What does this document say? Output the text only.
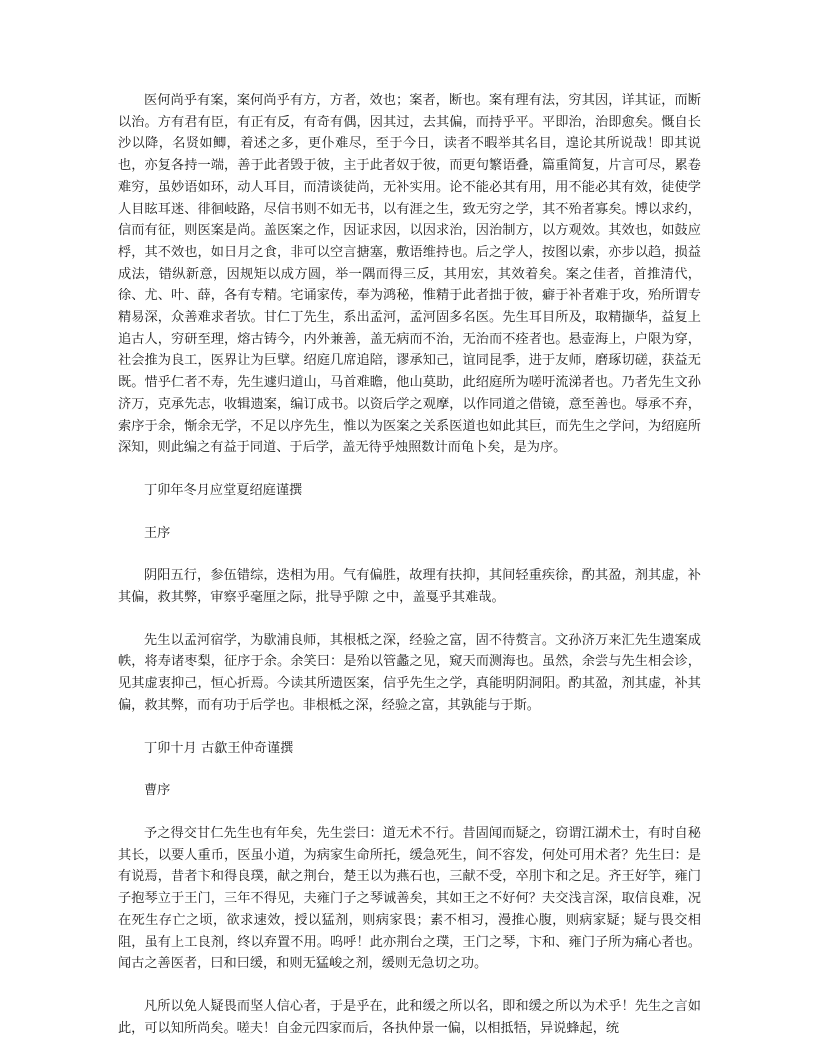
医何尚乎有案，案何尚乎有方，方者，效也；案者，断也。案有理有法，穷其因，详其证，而断以治。方有君有臣，有正有反，有奇有偶，因其过，去其偏，而持乎平。平即治，治即愈矣。慨自长沙以降，名贤如鲫，着述之多，更仆难尽，至于今日，读者不暇举其名目，遑论其所说哉！即其说也，亦复各持一端，善于此者毁于彼，主于此者奴于彼，而更句繁语叠，篇重简复，片言可尽，累卷难穷，虽妙语如环，动人耳目，而清谈徒尚，无补实用。论不能必其有用，用不能必其有效，徒使学人目眩耳迷、徘徊岐路，尽信书则不如无书，以有涯之生，致无穷之学，其不殆者寡矣。博以求约，信而有征，则医案是尚。盖医案之作，因证求因，以因求治，因治制方，以方观效。其效也，如鼓应桴，其不效也，如日月之食，非可以空言搪塞，敷语维持也。后之学人，按图以索，亦步以趋，损益成法，错纵新意，因规矩以成方圆，举一隅而得三反，其用宏，其效着矣。案之佳者，首推清代，徐、尤、叶、薛，各有专精。宅诵家传，奉为鸿秘，惟精于此者拙于彼，癖于补者难于攻，殆所谓专精易深，众善难求者欤。甘仁丁先生，系出孟河，孟河固多名医。先生耳目所及，取精撷华，益复上追古人，穷研至理，熔古铸今，内外兼善，盖无病而不治，无治而不痊者也。悬壶海上，户限为穿，社会推为良工，医界让为巨擘。绍庭几席追陪，谬承知己，谊同昆季，进于友师，磨琢切磋，获益无既。惜乎仁者不寿，先生遽归道山，马首难瞻，他山莫助，此绍庭所为嗟吁流涕者也。乃者先生文孙济万，克承先志，收辑遗案，编订成书。以资后学之观摩，以作同道之借镜，意至善也。辱承不弃，索序于余，惭余无学，不足以序先生，惟以为医案之关系医道也如此其巨，而先生之学问，为绍庭所深知，则此编之有益于同道、于后学，盖无待乎烛照数计而龟卜矣，是为序。

丁卯年冬月应堂夏绍庭谨撰

王序

阴阳五行，参伍错综，迭相为用。气有偏胜，故理有扶抑，其间轻重疾徐，酌其盈，剂其虚，补其偏，救其弊，审察乎毫厘之际，批导乎隙 之中，盖戛乎其难哉。

先生以孟河宿学，为歇浦良师，其根柢之深，经验之富，固不待赘言。文孙济万来汇先生遗案成帙，将寿诸枣梨，征序于余。余笑曰：是殆以管蠡之见，窥天而测海也。虽然，余尝与先生相会诊，见其虚衷抑己，恒心折焉。今读其所遗医案，信乎先生之学，真能明阴洞阳。酌其盈，剂其虚，补其偏，救其弊，而有功于后学也。非根柢之深，经验之富，其孰能与于斯。

丁卯十月 古歙王仲奇谨撰

曹序

予之得交甘仁先生也有年矣，先生尝曰：道无术不行。昔固闻而疑之，窃谓江湖术士，有时自秘其长，以要人重币，医虽小道，为病家生命所托，缓急死生，间不容发，何处可用术者？先生曰：是有说焉，昔者卞和得良璞，献之荆台，楚王以为燕石也，三献不受，卒刖卞和之足。齐王好竽，雍门子抱琴立于王门，三年不得见，夫雍门子之琴诚善矣，其如王之不好何？夫交浅言深，取信良难，况在死生存亡之顷，欲求速效，授以猛剂，则病家畏；素不相习，漫推心腹，则病家疑；疑与畏交相阻，虽有上工良剂，终以弃置不用。呜呼！此亦荆台之璞，王门之琴，卞和、雍门子所为痛心者也。闻古之善医者，曰和曰缓，和则无猛峻之剂，缓则无急切之功。

凡所以免人疑畏而坚人信心者，于是乎在，此和缓之所以名，即和缓之所以为术乎！先生之言如此，可以知所尚矣。嗟夫！自金元四家而后，各执仲景一偏，以相抵牾，异说蜂起，统
